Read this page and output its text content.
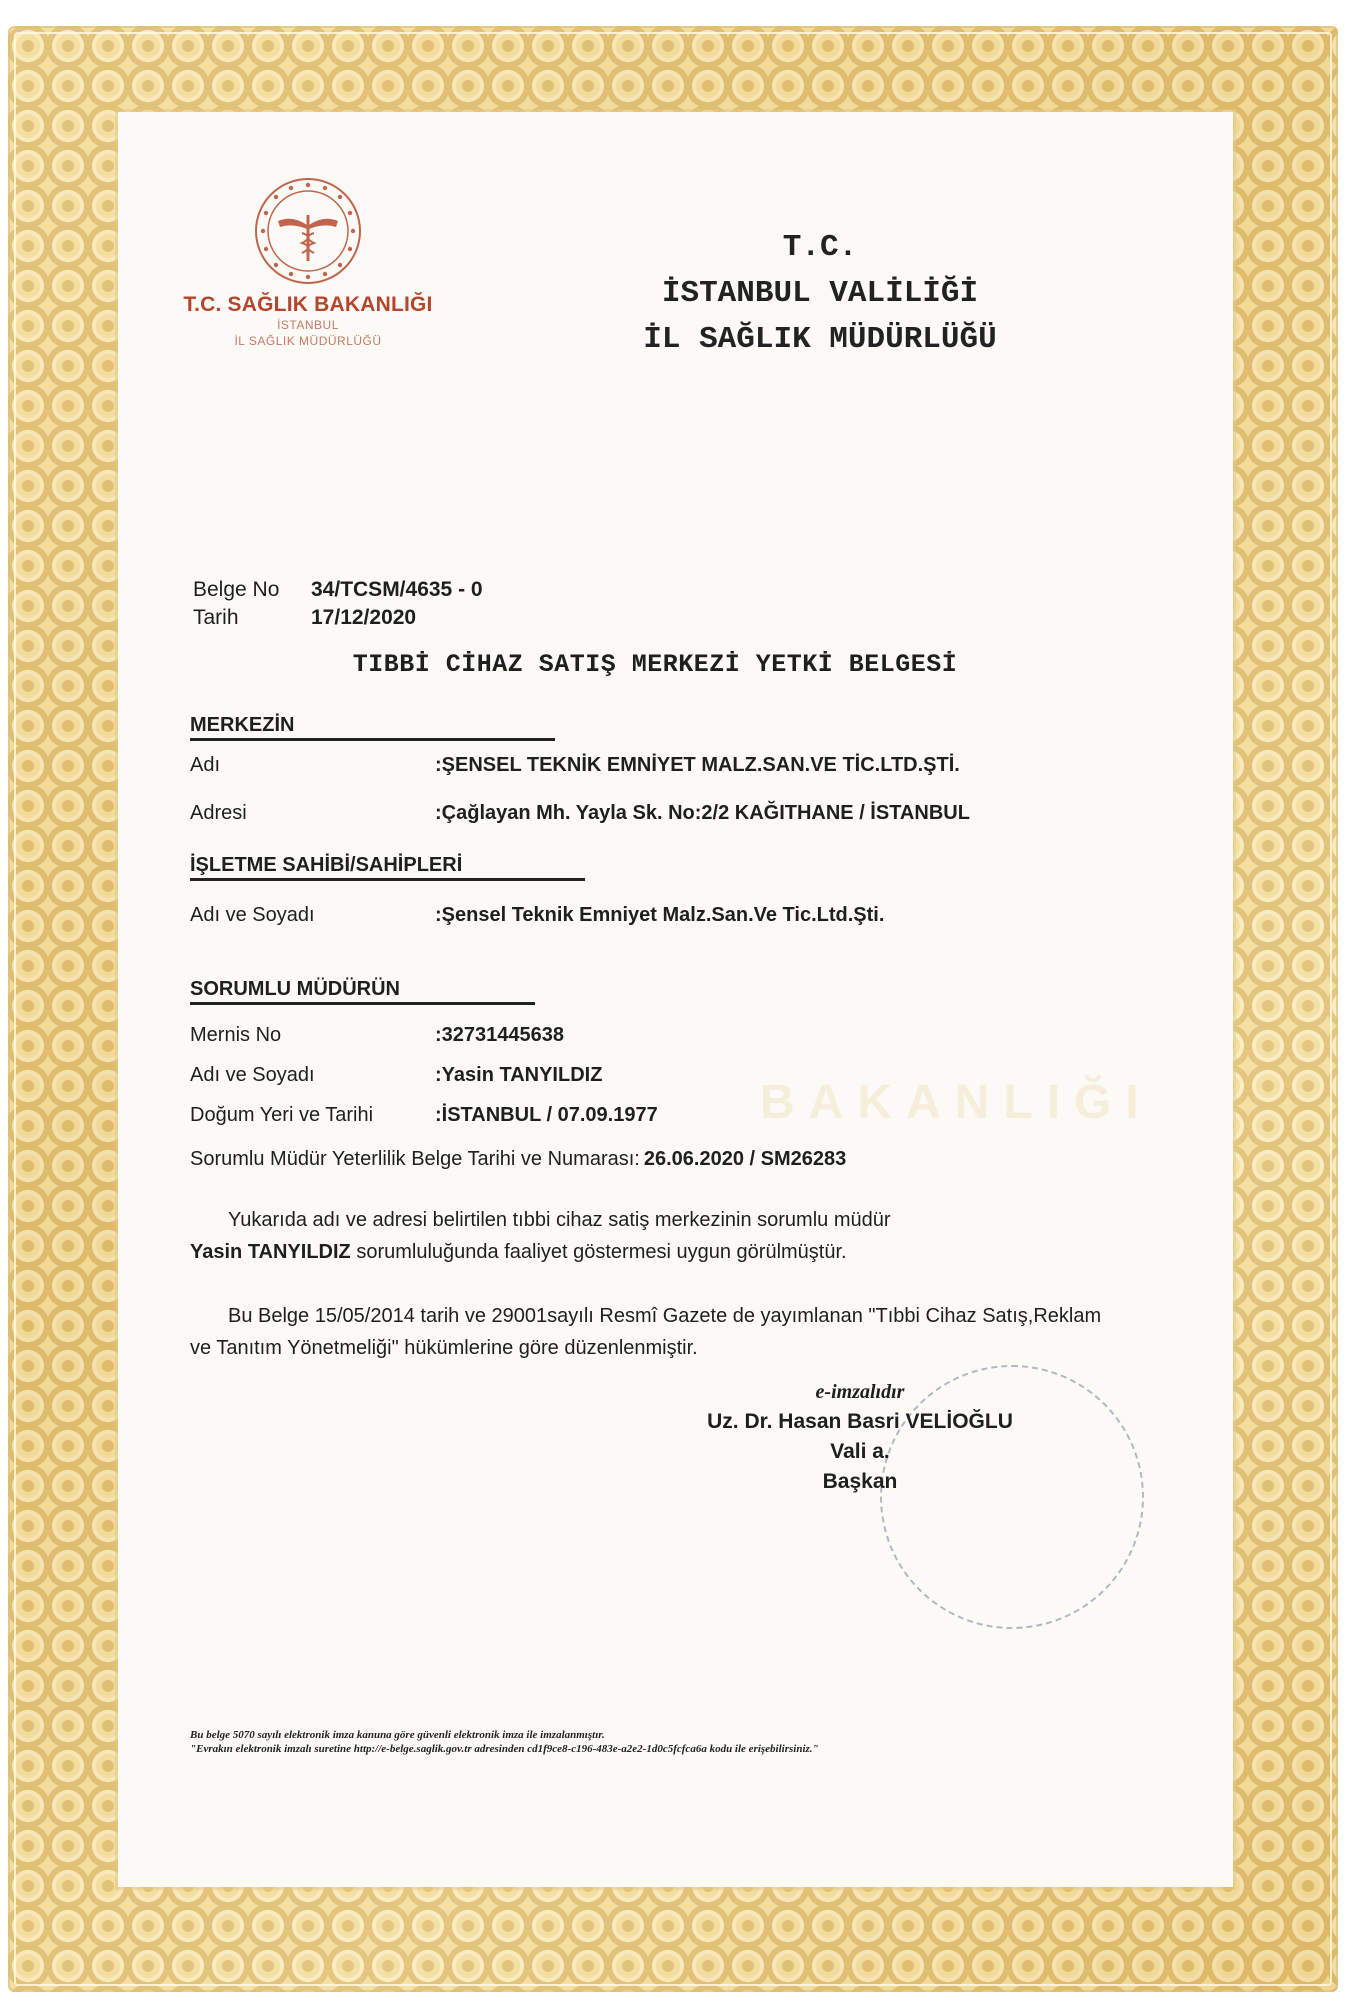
T.C. SAĞLIK BAKANLIĞI
İSTANBUL
İL SAĞLIK MÜDÜRLÜĞÜ
T.C.
İSTANBUL VALİLİĞİ
İL SAĞLIK MÜDÜRLÜĞÜ
Belge No	34/TCSM/4635 - 0
Tarih	17/12/2020
TIBBİ CİHAZ SATIŞ MERKEZİ YETKİ BELGESİ
BAKANLIĞI
MERKEZİN
Adı	:ŞENSEL TEKNİK EMNİYET MALZ.SAN.VE TİC.LTD.ŞTİ.
Adresi	:Çağlayan Mh. Yayla Sk. No:2/2 KAĞITHANE / İSTANBUL
İŞLETME SAHİBİ/SAHİPLERİ
Adı ve Soyadı	:Şensel Teknik Emniyet Malz.San.Ve Tic.Ltd.Şti.
SORUMLU MÜDÜRÜN
Mernis No	:32731445638
Adı ve Soyadı	:Yasin TANYILDIZ
Doğum Yeri ve Tarihi	:İSTANBUL / 07.09.1977
Sorumlu Müdür Yeterlilik Belge Tarihi ve Numarası: 26.06.2020 / SM26283
Yukarıda adı ve adresi belirtilen tıbbi cihaz satiş merkezinin sorumlu müdür
Yasin TANYILDIZ sorumluluğunda faaliyet göstermesi uygun görülmüştür.
Bu Belge 15/05/2014 tarih ve 29001sayılı Resmî Gazete de yayımlanan "Tıbbi Cihaz Satış,Reklam ve Tanıtım Yönetmeliği" hükümlerine göre düzenlenmiştir.
e-imzalıdır
Uz. Dr. Hasan Basri VELİOĞLU
Vali a.
Başkan
Bu belge 5070 sayılı elektronik imza kanuna göre güvenli elektronik imza ile imzalanmıştır.
"Evrakın elektronik imzalı suretine http://e-belge.saglik.gov.tr adresinden cd1f9ce8-c196-483e-a2e2-1d0c5fcfca6a kodu ile erişebilirsiniz."
